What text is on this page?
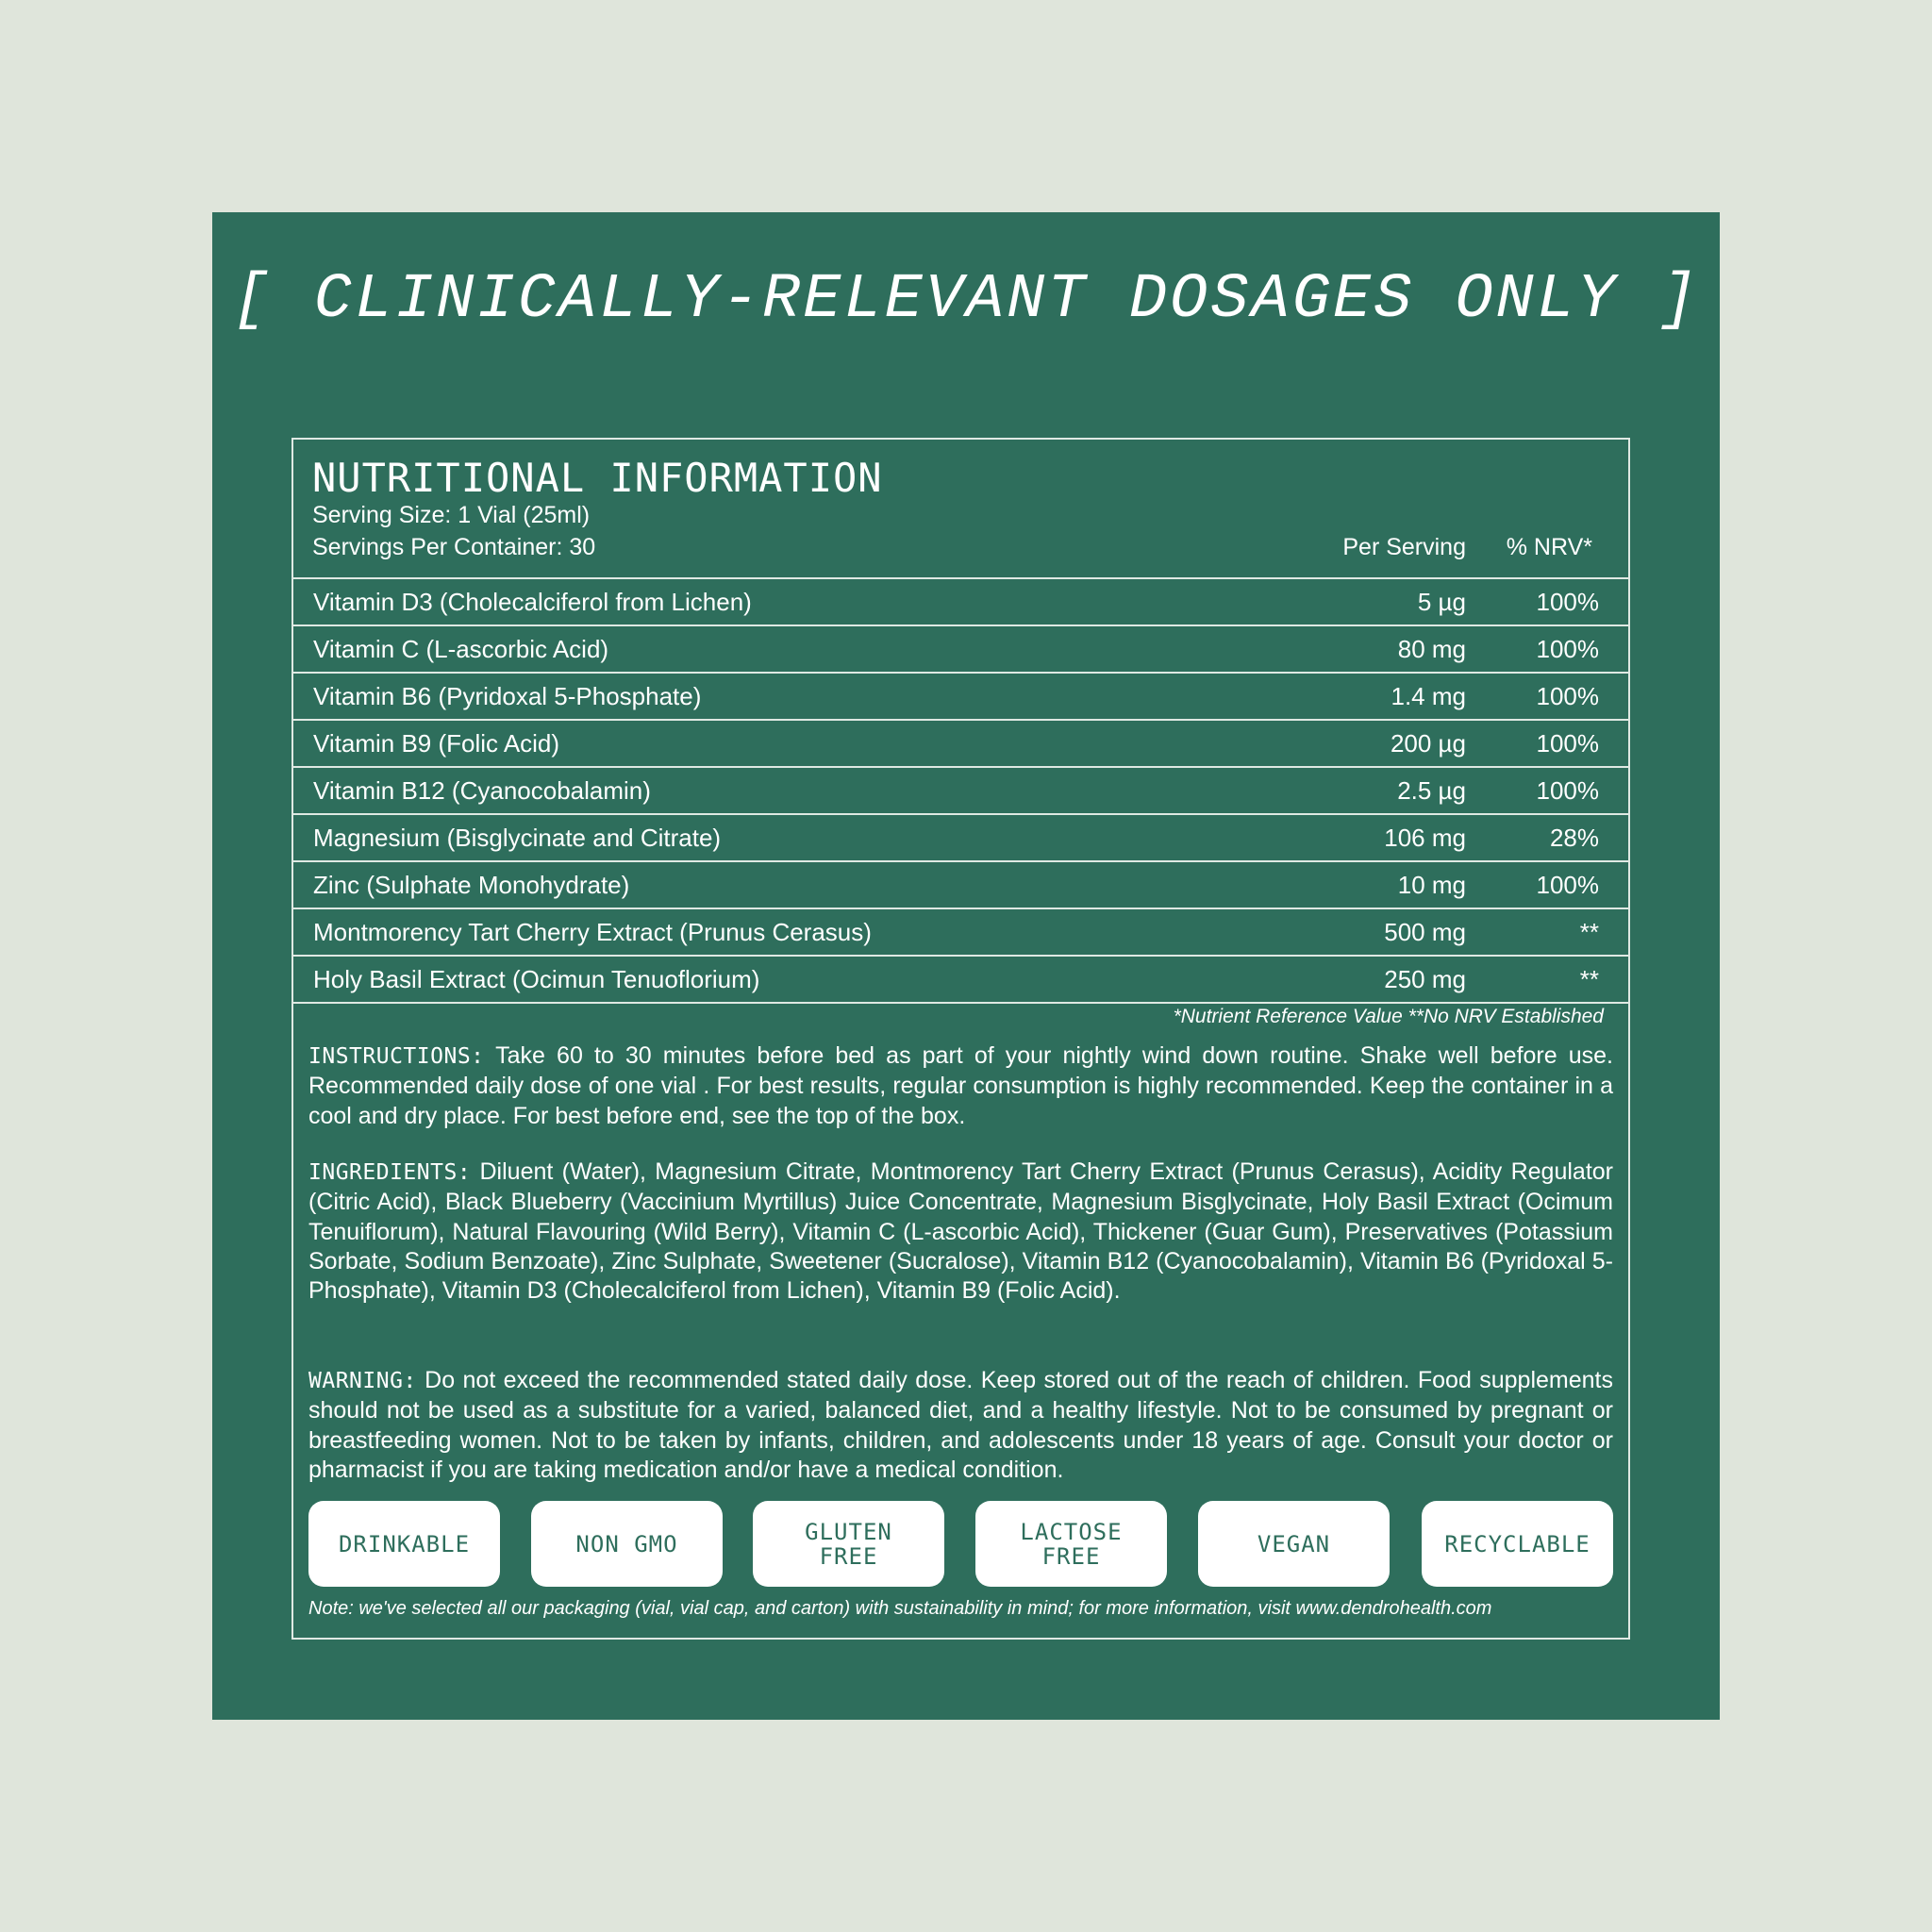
[ CLINICALLY-RELEVANT DOSAGES ONLY ]
NUTRITIONAL INFORMATION
Serving Size: 1 Vial (25ml)
Servings Per Container: 30	Per Serving % NRV*
Vitamin D3 (Cholecalciferol from Lichen)	5 µg	100%
Vitamin C (L-ascorbic Acid)	80 mg	100%
Vitamin B6 (Pyridoxal 5-Phosphate)	1.4 mg	100%
Vitamin B9 (Folic Acid)	200 µg	100%
Vitamin B12 (Cyanocobalamin)	2.5 µg	100%
Magnesium (Bisglycinate and Citrate)	106 mg	28%
Zinc (Sulphate Monohydrate)	10 mg	100%
Montmorency Tart Cherry Extract (Prunus Cerasus)	500 mg	**
Holy Basil Extract (Ocimun Tenuoflorium)	250 mg	**
*Nutrient Reference Value **No NRV Established
INSTRUCTIONS: Take 60 to 30 minutes before bed as part of your nightly wind down routine. Shake well before use. Recommended daily dose of one vial . For best results, regular consumption is highly recommended. Keep the container in a cool and dry place. For best before end, see the top of the box.
INGREDIENTS: Diluent (Water), Magnesium Citrate, Montmorency Tart Cherry Extract (Prunus Cerasus), Acidity Regulator (Citric Acid), Black Blueberry (Vaccinium Myrtillus) Juice Concentrate, Magnesium Bisglycinate, Holy Basil Extract (Ocimum Tenuiflorum), Natural Flavouring (Wild Berry), Vitamin C (L-ascorbic Acid), Thickener (Guar Gum), Preservatives (Potassium Sorbate, Sodium Benzoate), Zinc Sulphate, Sweetener (Sucralose), Vitamin B12 (Cyanocobalamin), Vitamin B6 (Pyridoxal 5-Phosphate), Vitamin D3 (Cholecalciferol from Lichen), Vitamin B9 (Folic Acid).
WARNING: Do not exceed the recommended stated daily dose. Keep stored out of the reach of children. Food supplements should not be used as a substitute for a varied, balanced diet, and a healthy lifestyle. Not to be consumed by pregnant or breastfeeding women. Not to be taken by infants, children, and adolescents under 18 years of age. Consult your doctor or pharmacist if you are taking medication and/or have a medical condition.
DRINKABLE	NON GMO	GLUTEN
FREE
LACTOSE
FREE	VEGAN	RECYCLABLE
Note: we've selected all our packaging (vial, vial cap, and carton) with sustainability in mind; for more information, visit www.dendrohealth.com
